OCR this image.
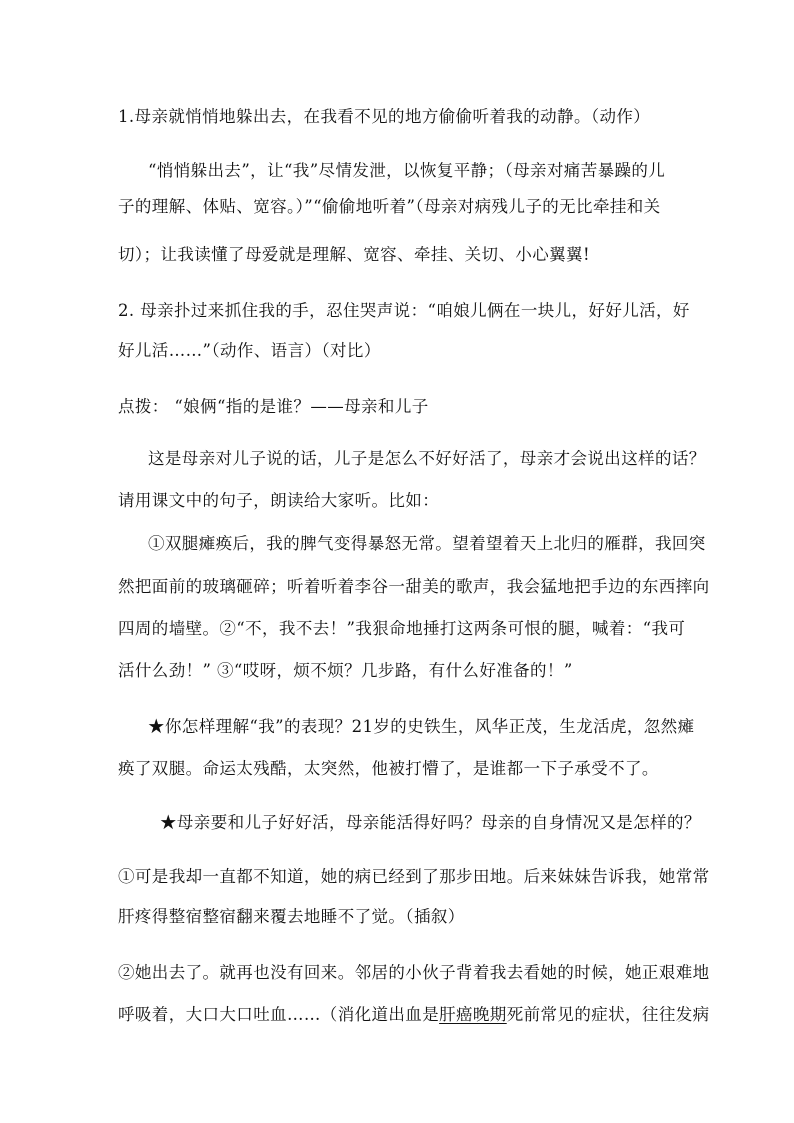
1.母亲就悄悄地躲出去，在我看不见的地方偷偷听着我的动静。（动作）
“悄悄躲出去”，让“我”尽情发泄，以恢复平静；（母亲对痛苦暴躁的儿
子的理解、体贴、宽容。）”“偷偷地听着”（母亲对病残儿子的无比牵挂和关
切）；让我读懂了母爱就是理解、宽容、牵挂、关切、小心翼翼!
2. 母亲扑过来抓住我的手，忍住哭声说：“咱娘儿俩在一块儿，好好儿活，好
好儿活……”（动作、语言）（对比）
点拨： “娘俩“指的是谁？——母亲和儿子
这是母亲对儿子说的话，儿子是怎么不好好活了，母亲才会说出这样的话？
请用课文中的句子，朗读给大家听。比如：
①双腿瘫痪后，我的脾气变得暴怒无常。望着望着天上北归的雁群，我回突
然把面前的玻璃砸碎；听着听着李谷一甜美的歌声，我会猛地把手边的东西摔向
四周的墙壁。②“不，我不去！”我狠命地捶打这两条可恨的腿，喊着：“我可
活什么劲！” ③“哎呀，烦不烦？几步路，有什么好准备的！”
★你怎样理解“我”的表现？21岁的史铁生，风华正茂，生龙活虎，忽然瘫
痪了双腿。命运太残酷，太突然，他被打懵了，是谁都一下子承受不了。
★母亲要和儿子好好活，母亲能活得好吗？母亲的自身情况又是怎样的？
①可是我却一直都不知道，她的病已经到了那步田地。后来妹妹告诉我，她常常
肝疼得整宿整宿翻来覆去地睡不了觉。（插叙）
②她出去了。就再也没有回来。邻居的小伙子背着我去看她的时候，她正艰难地
呼吸着，大口大口吐血……（消化道出血是肝癌晚期死前常见的症状，往往发病
